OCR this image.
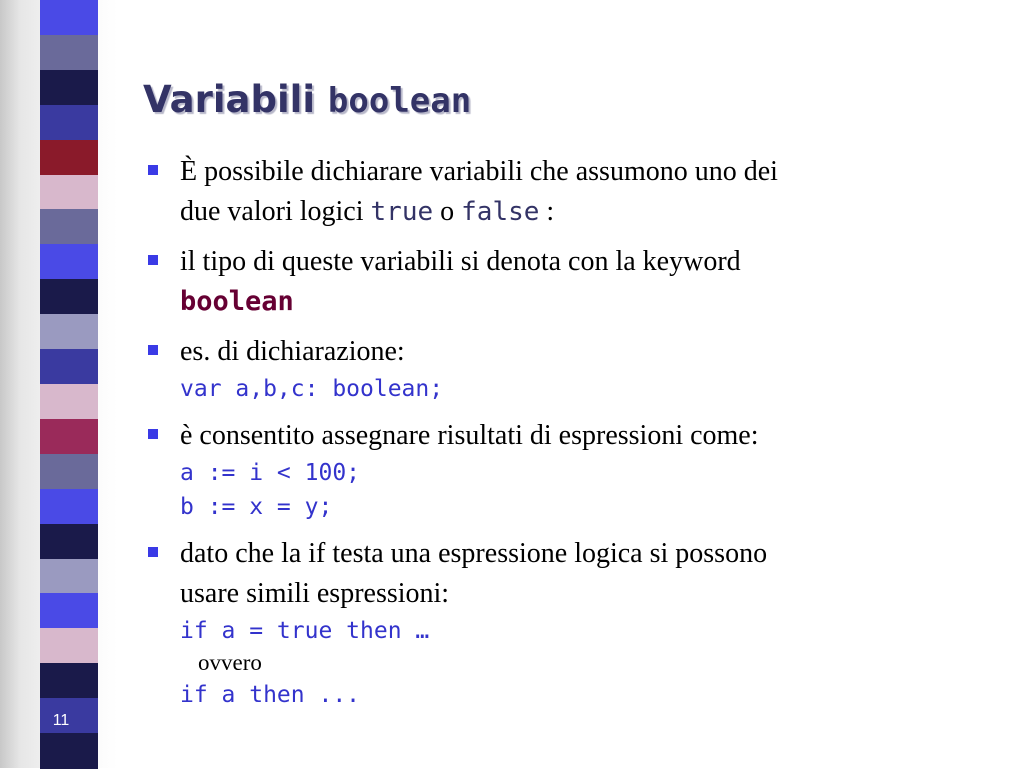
11
Variabili boolean
È possibile dichiarare variabili che assumono uno dei
due valori logici true o false :
il tipo di queste variabili si denota con la keyword
boolean
es. di dichiarazione:
var a,b,c: boolean;
è consentito assegnare risultati di espressioni come:
a := i < 100;
b := x = y;
dato che la if testa una espressione logica si possono
usare simili espressioni:
if a = true then …
ovvero
if a then ...
